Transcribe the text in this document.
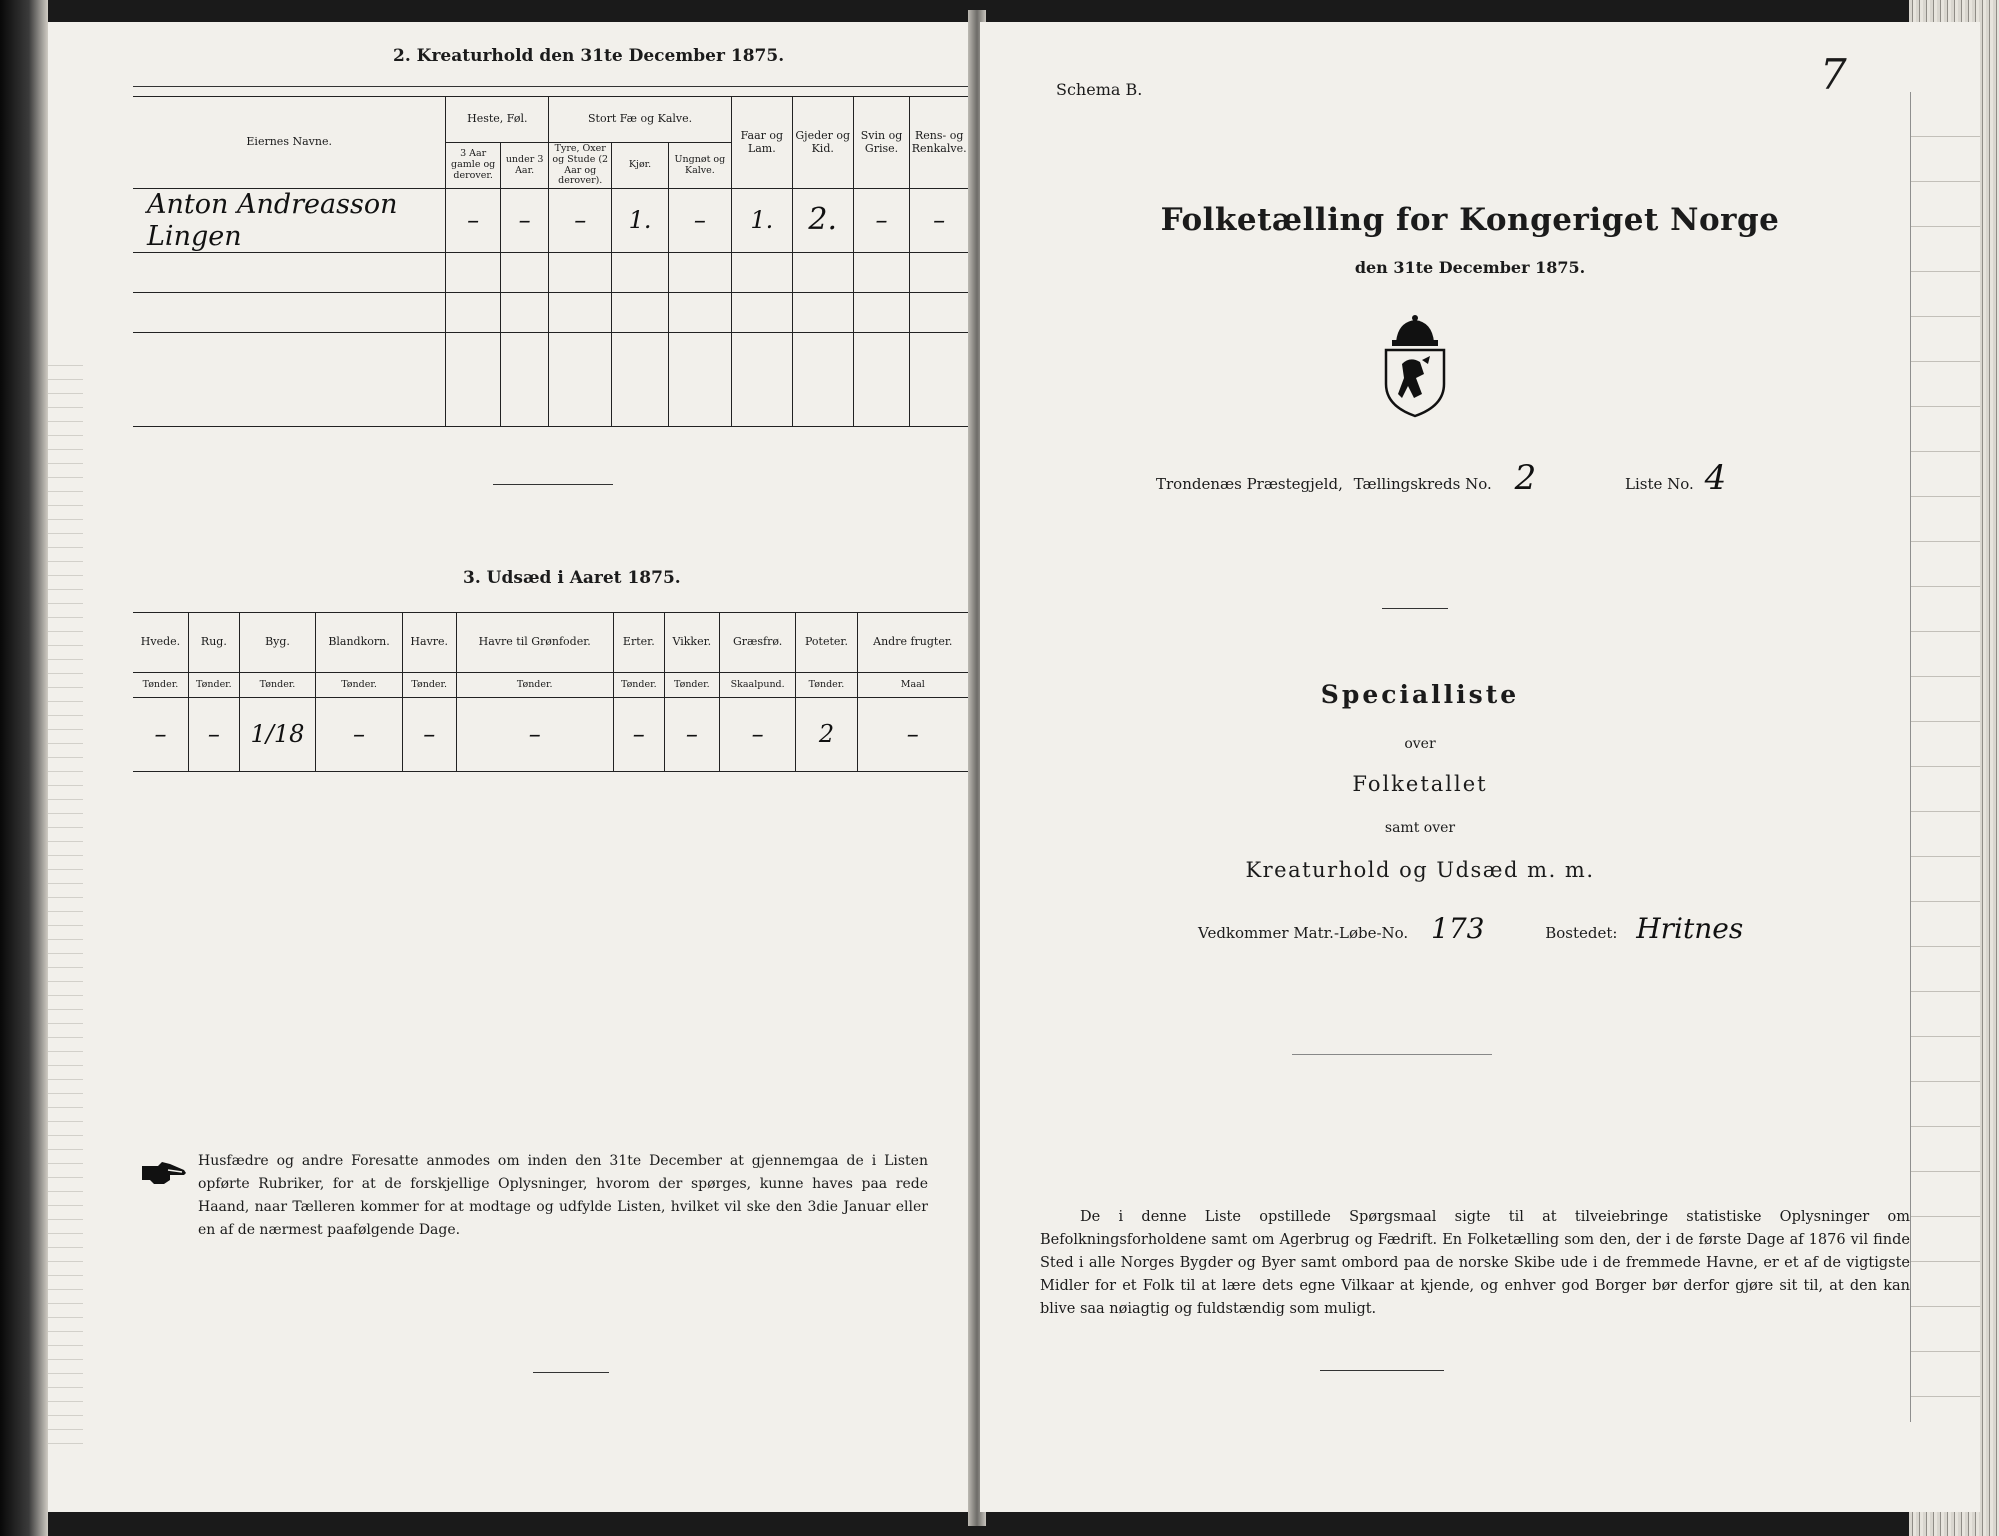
2. Kreaturhold den 31te December 1875.
Eiernes Navne.	Heste, Føl.		Stort Fæ og Kalve.			Faar og Lam.	Gjeder og Kid.	Svin og Grise.	Rens- og Renkalve.
	3 Aar gamle og derover.	under 3 Aar.	Tyre, Oxer og Stude (2 Aar og derover).	Kjør.	Ungnøt og Kalve.				
Anton Andreasson Lingen	–	–	–	1.	–	1.	2.	–	–

3. Udsæd i Aaret 1875.
Hvede.	Rug.	Byg.	Blandkorn.	Havre.	Havre til Grønfoder.	Erter.	Vikker.	Græsfrø.	Poteter.	Andre frugter.
Tønder.	Tønder.	Tønder.	Tønder.	Tønder.	Tønder.	Tønder.	Tønder.	Skaalpund.	Tønder.	Maal
–	–	1/18	–	–	–	–	–	–	2	–
Husfædre og andre Foresatte anmodes om inden den 31te December at gjennemgaa de i Listen opførte Rubriker, for at de forskjellige Oplysninger, hvorom der spørges, kunne haves paa rede Haand, naar Tælleren kommer for at modtage og udfylde Listen, hvilket vil ske den 3die Januar eller en af de nærmest paafølgende Dage.
Schema B.	7
Folketælling for Kongeriget Norge
den 31te December 1875.
Trondenæs Præstegjeld, Tællingskreds No. 2	Liste No. 4
Specialliste
over
Folketallet
samt over
Kreaturhold og Udsæd m. m.
Vedkommer Matr.-Løbe-No. 173	Bostedet: Hritnes
De i denne Liste opstillede Spørgsmaal sigte til at tilveiebringe statistiske Oplysninger om Befolkningsforholdene samt om Agerbrug og Fædrift. En Folketælling som den, der i de første Dage af 1876 vil finde Sted i alle Norges Bygder og Byer samt ombord paa de norske Skibe ude i de fremmede Havne, er et af de vigtigste Midler for et Folk til at lære dets egne Vilkaar at kjende, og enhver god Borger bør derfor gjøre sit til, at den kan blive saa nøiagtig og fuldstændig som muligt.
